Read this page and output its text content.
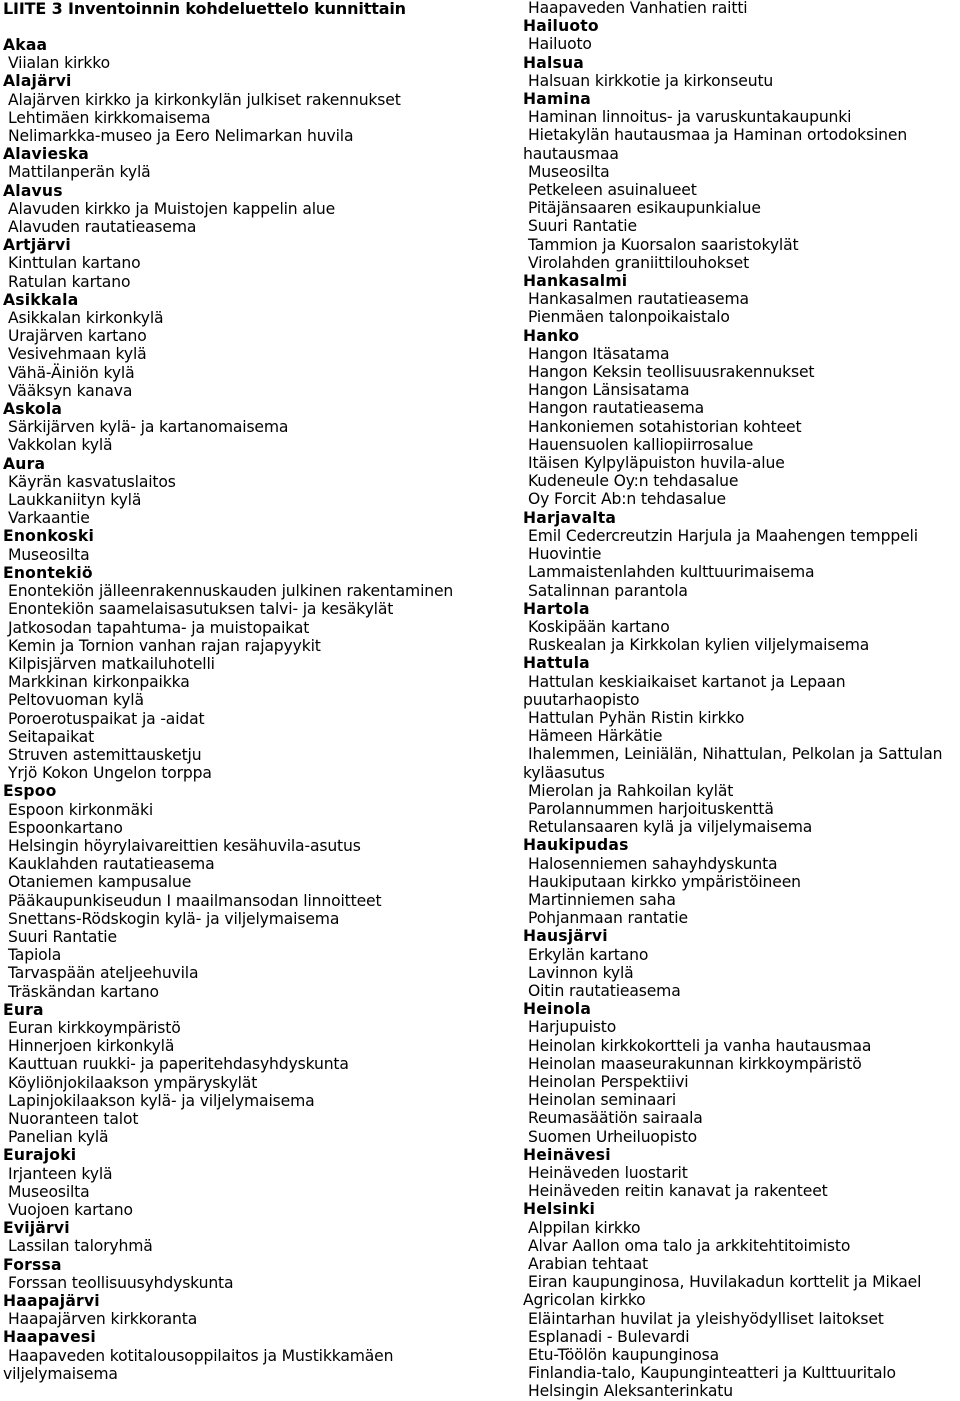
LIITE 3 Inventoinnin kohdeluettelo kunnittain
Akaa
Viialan kirkko
Alajärvi
Alajärven kirkko ja kirkonkylän julkiset rakennukset
Lehtimäen kirkkomaisema
Nelimarkka-museo ja Eero Nelimarkan huvila
Alavieska
Mattilanperän kylä
Alavus
Alavuden kirkko ja Muistojen kappelin alue
Alavuden rautatieasema
Artjärvi
Kinttulan kartano
Ratulan kartano
Asikkala
Asikkalan kirkonkylä
Urajärven kartano
Vesivehmaan kylä
Vähä-Äiniön kylä
Vääksyn kanava
Askola
Särkijärven kylä- ja kartanomaisema
Vakkolan kylä
Aura
Käyrän kasvatuslaitos
Laukkaniityn kylä
Varkaantie
Enonkoski
Museosilta
Enontekiö
Enontekiön jälleenrakennuskauden julkinen rakentaminen
Enontekiön saamelaisasutuksen talvi- ja kesäkylät
Jatkosodan tapahtuma- ja muistopaikat
Kemin ja Tornion vanhan rajan rajapyykit
Kilpisjärven matkailuhotelli
Markkinan kirkonpaikka
Peltovuoman kylä
Poroerotuspaikat ja -aidat
Seitapaikat
Struven astemittausketju
Yrjö Kokon Ungelon torppa
Espoo
Espoon kirkonmäki
Espoonkartano
Helsingin höyrylaivareittien kesähuvila-asutus
Kauklahden rautatieasema
Otaniemen kampusalue
Pääkaupunkiseudun I maailmansodan linnoitteet
Snettans-Rödskogin kylä- ja viljelymaisema
Suuri Rantatie
Tapiola
Tarvaspään ateljeehuvila
Träskändan kartano
Eura
Euran kirkkoympäristö
Hinnerjoen kirkonkylä
Kauttuan ruukki- ja paperitehdasyhdyskunta
Köyliönjokilaakson ympäryskylät
Lapinjokilaakson kylä- ja viljelymaisema
Nuoranteen talot
Panelian kylä
Eurajoki
Irjanteen kylä
Museosilta
Vuojoen kartano
Evijärvi
Lassilan taloryhmä
Forssa
Forssan teollisuusyhdyskunta
Haapajärvi
Haapajärven kirkkoranta
Haapavesi
Haapaveden kotitalousoppilaitos ja Mustikkamäen viljelymaisema
Haapaveden Vanhatien raitti
Hailuoto
Hailuoto
Halsua
Halsuan kirkkotie ja kirkonseutu
Hamina
Haminan linnoitus- ja varuskuntakaupunki
Hietakylän hautausmaa ja Haminan ortodoksinen hautausmaa
Museosilta
Petkeleen asuinalueet
Pitäjänsaaren esikaupunkialue
Suuri Rantatie
Tammion ja Kuorsalon saaristokylät
Virolahden graniittilouhokset
Hankasalmi
Hankasalmen rautatieasema
Pienmäen talonpoikaistalo
Hanko
Hangon Itäsatama
Hangon Keksin teollisuusrakennukset
Hangon Länsisatama
Hangon rautatieasema
Hankoniemen sotahistorian kohteet
Hauensuolen kalliopiirrosalue
Itäisen Kylpyläpuiston huvila-alue
Kudeneule Oy:n tehdasalue
Oy Forcit Ab:n tehdasalue
Harjavalta
Emil Cedercreutzin Harjula ja Maahengen temppeli
Huovintie
Lammaistenlahden kulttuurimaisema
Satalinnan parantola
Hartola
Koskipään kartano
Ruskealan ja Kirkkolan kylien viljelymaisema
Hattula
Hattulan keskiaikaiset kartanot ja Lepaan puutarhaopisto
Hattulan Pyhän Ristin kirkko
Hämeen Härkätie
Ihalemmen, Leiniälän, Nihattulan, Pelkolan ja Sattulan kyläasutus
Mierolan ja Rahkoilan kylät
Parolannummen harjoituskenttä
Retulansaaren kylä ja viljelymaisema
Haukipudas
Halosenniemen sahayhdyskunta
Haukiputaan kirkko ympäristöineen
Martinniemen saha
Pohjanmaan rantatie
Hausjärvi
Erkylän kartano
Lavinnon kylä
Oitin rautatieasema
Heinola
Harjupuisto
Heinolan kirkkokortteli ja vanha hautausmaa
Heinolan maaseurakunnan kirkkoympäristö
Heinolan Perspektiivi
Heinolan seminaari
Reumasäätiön sairaala
Suomen Urheiluopisto
Heinävesi
Heinäveden luostarit
Heinäveden reitin kanavat ja rakenteet
Helsinki
Alppilan kirkko
Alvar Aallon oma talo ja arkkitehtitoimisto
Arabian tehtaat
Eiran kaupunginosa, Huvilakadun korttelit ja Mikael Agricolan kirkko
Eläintarhan huvilat ja yleishyödylliset laitokset
Esplanadi - Bulevardi
Etu-Töölön kaupunginosa
Finlandia-talo, Kaupunginteatteri ja Kulttuuritalo
Helsingin Aleksanterinkatu
